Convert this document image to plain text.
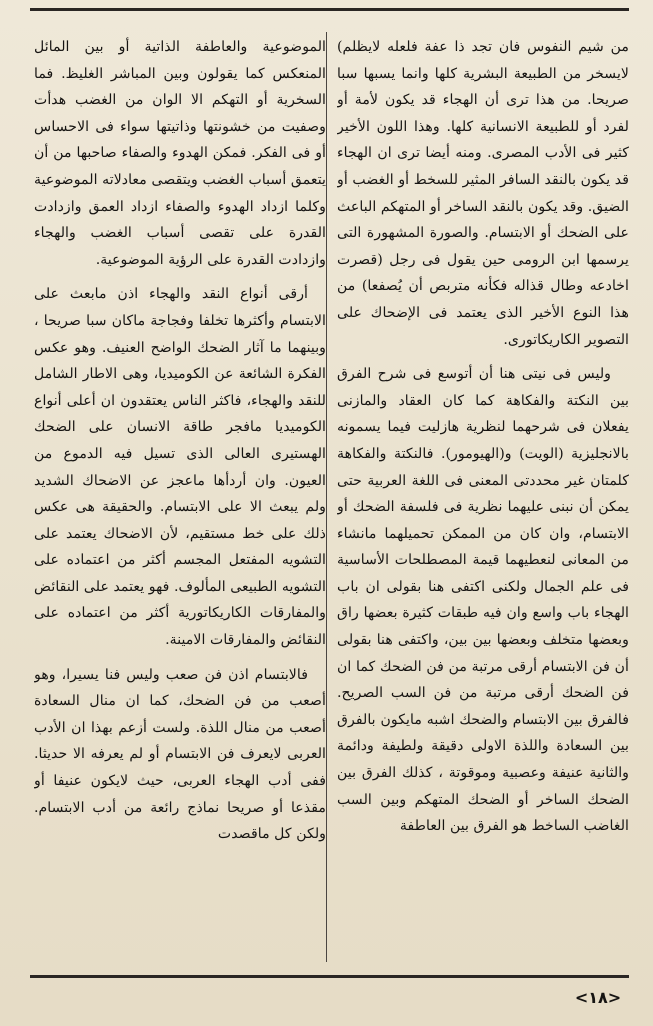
من شيم النفوس فان تجد ذا عفة فلعله لايظلم) لايسخر من الطبيعة البشرية كلها وانما يسبها سبا صريحا. من هذا ترى أن الهجاء قد يكون لأمة أو لفرد أو للطبيعة الانسانية كلها. وهذا اللون الأخير كثير فى الأدب المصرى. ومنه أيضا ترى ان الهجاء قد يكون بالنقد السافر المثير للسخط أو الغضب أو الضيق. وقد يكون بالنقد الساخر أو المتهكم الباعث على الضحك أو الابتسام. والصورة المشهورة التى يرسمها ابن الرومى حين يقول فى رجل (قصرت اخادعه وطال قذاله فكأنه متربص أن يُصفعا) من هذا النوع الأخير الذى يعتمد فى الإضحاك على التصوير الكاريكاتورى.

وليس فى نيتى هنا أن أتوسع فى شرح الفرق بين النكتة والفكاهة كما كان العقاد والمازنى يفعلان فى شرحهما لنظرية هازليت فيما يسمونه بالانجليزية (الويت) و(الهيومور). فالنكتة والفكاهة كلمتان غير محددتى المعنى فى اللغة العربية حتى يمكن أن نبنى عليهما نظرية فى فلسفة الضحك أو الابتسام، وان كان من الممكن تحميلهما مانشاء من المعانى لنعطيهما قيمة المصطلحات الأساسية فى علم الجمال ولكنى اكتفى هنا بقولى ان باب الهجاء باب واسع وان فيه طبقات كثيرة بعضها راق وبعضها متخلف وبعضها بين بين، واكتفى هنا بقولى أن فن الابتسام أرقى مرتبة من فن الضحك كما ان فن الضحك أرقى مرتبة من فن السب الصريح. فالفرق بين الابتسام والضحك اشبه مايكون بالفرق بين السعادة واللذة الاولى دقيقة ولطيفة ودائمة والثانية عنيفة وعصبية وموقوتة ، كذلك الفرق بين الضحك الساخر أو الضحك المتهكم وبين السب الغاضب الساخط هو الفرق بين العاطفة

الموضوعية والعاطفة الذاتية أو بين المائل المنعكس كما يقولون وبين المباشر الغليظ. فما السخرية أو التهكم الا الوان من الغضب هدأت وصفيت من خشونتها وذاتيتها سواء فى الاحساس أو فى الفكر. فمكن الهدوء والصفاء صاحبها من أن يتعمق أسباب الغضب ويتقصى معادلاته الموضوعية وكلما ازداد الهدوء والصفاء ازداد العمق وازدادت القدرة على تقصى أسباب الغضب والهجاء وازدادت القدرة على الرؤية الموضوعية.

أرقى أنواع النقد والهجاء اذن مابعث على الابتسام وأكثرها تخلفا وفجاجة ماكان سبا صريحا ، وبينهما ما آثار الضحك الواضح العنيف. وهو عكس الفكرة الشائعة عن الكوميديا، وهى الاطار الشامل للنقد والهجاء، فاكثر الناس يعتقدون ان أعلى أنواع الكوميديا مافجر طاقة الانسان على الضحك الهستيرى العالى الذى تسيل فيه الدموع من العيون. وان أردأها ماعجز عن الاضحاك الشديد ولم يبعث الا على الابتسام. والحقيقة هى عكس ذلك على خط مستقيم، لأن الاضحاك يعتمد على التشويه المفتعل المجسم أكثر من اعتماده على التشويه الطبيعى المألوف. فهو يعتمد على النقائض والمفارقات الكاريكاتورية أكثر من اعتماده على النقائض والمفارقات الامينة.

فالابتسام اذن فن صعب وليس فنا يسيرا، وهو أصعب من فن الضحك، كما ان منال السعادة أصعب من منال اللذة. ولست أزعم بهذا ان الأدب العربى لايعرف فن الابتسام أو لم يعرفه الا حديثا. ففى أدب الهجاء العربى، حيث لايكون عنيفا أو مقذعا أو صريحا نماذج رائعة من أدب الابتسام. ولكن كل ماقصدت

<١٨>
